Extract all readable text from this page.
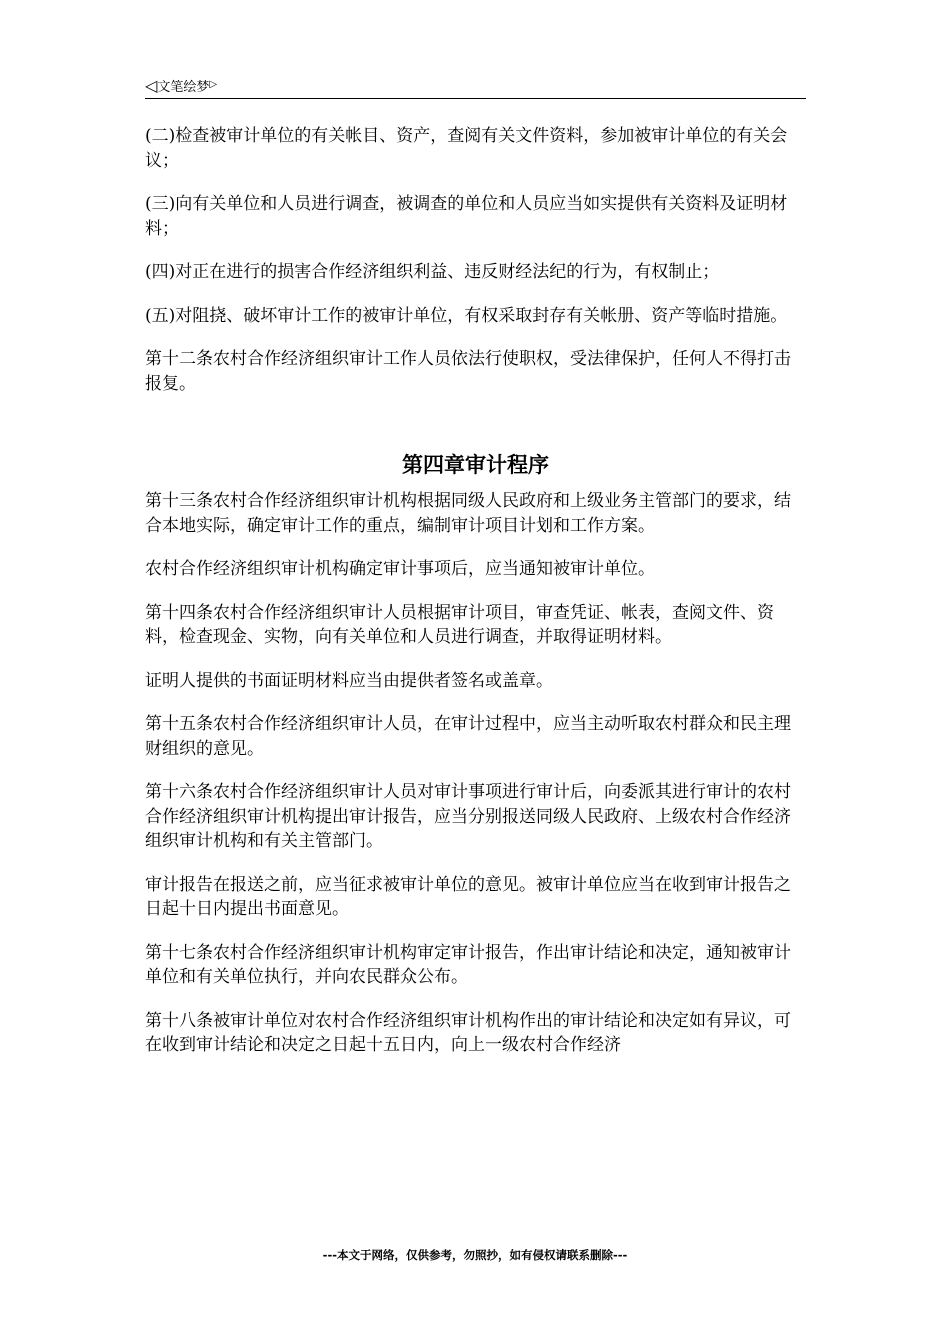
◁文笔绘梦▷

(二)检查被审计单位的有关帐目、资产，查阅有关文件资料，参加被审计单位的有关会议；

(三)向有关单位和人员进行调查，被调查的单位和人员应当如实提供有关资料及证明材料；

(四)对正在进行的损害合作经济组织利益、违反财经法纪的行为，有权制止；

(五)对阻挠、破坏审计工作的被审计单位，有权采取封存有关帐册、资产等临时措施。

第十二条农村合作经济组织审计工作人员依法行使职权，受法律保护，任何人不得打击报复。

第四章审计程序

第十三条农村合作经济组织审计机构根据同级人民政府和上级业务主管部门的要求，结合本地实际，确定审计工作的重点，编制审计项目计划和工作方案。

农村合作经济组织审计机构确定审计事项后，应当通知被审计单位。

第十四条农村合作经济组织审计人员根据审计项目，审查凭证、帐表，查阅文件、资料，检查现金、实物，向有关单位和人员进行调查，并取得证明材料。

证明人提供的书面证明材料应当由提供者签名或盖章。

第十五条农村合作经济组织审计人员，在审计过程中，应当主动听取农村群众和民主理财组织的意见。

第十六条农村合作经济组织审计人员对审计事项进行审计后，向委派其进行审计的农村合作经济组织审计机构提出审计报告，应当分别报送同级人民政府、上级农村合作经济组织审计机构和有关主管部门。

审计报告在报送之前，应当征求被审计单位的意见。被审计单位应当在收到审计报告之日起十日内提出书面意见。

第十七条农村合作经济组织审计机构审定审计报告，作出审计结论和决定，通知被审计单位和有关单位执行，并向农民群众公布。

第十八条被审计单位对农村合作经济组织审计机构作出的审计结论和决定如有异议，可在收到审计结论和决定之日起十五日内，向上一级农村合作经济

---本文于网络，仅供参考，勿照抄，如有侵权请联系删除---
